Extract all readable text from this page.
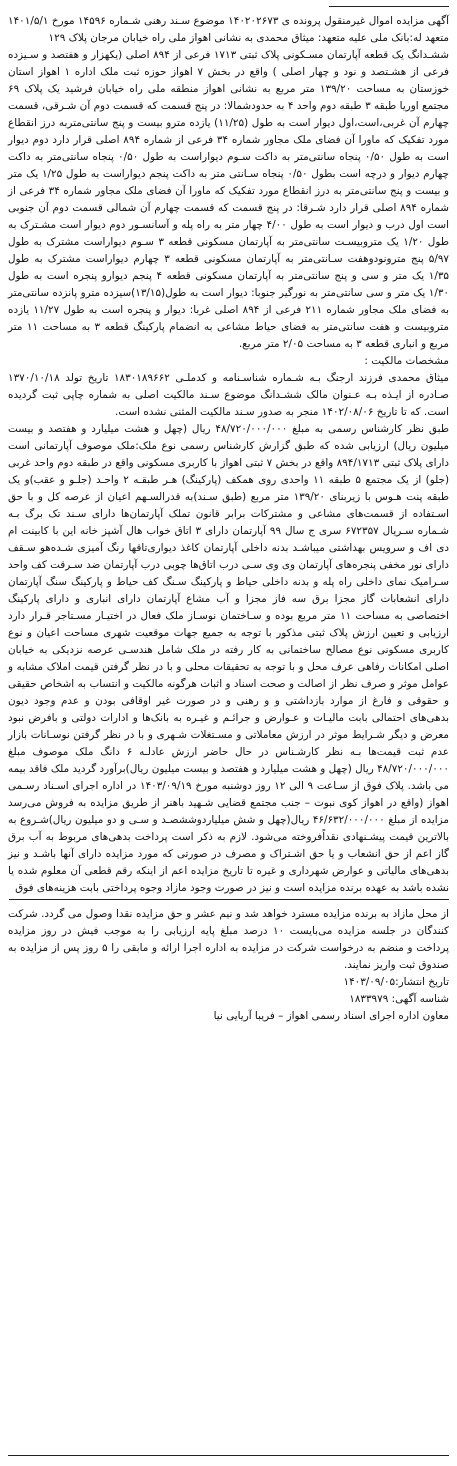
آگهی مزایده اموال غیرمنقول پرونده ی ۱۴۰۲۰۲۶۷۳ موضوع سـند رهنی شـماره ۱۴۵۹۶ مورخ ۱۴۰۱/۵/۱ متعهد له:بانک ملی علیه متعهد: میثاق محمدی به نشانی اهواز ملی راه خیابان مرجان پلاک ۱۲۹

ششـدانگ یک قطعه آپارتمان مسـکونی پلاک ثبتی ۱۷۱۳ فرعی از ۸۹۴ اصلی (یکهزار و هفتصد و سـیزده فرعی از هشـتصد و نود و چهار اصلی ) واقع در بخش ۷ اهواز حوزه ثبت ملک اداره ۱ اهواز استان خوزستان به مساحت ۱۳۹/۲۰ متر مربع به نشانی اهواز منطقه ملی راه خیابان فرشید یک پلاک ۶۹ مجتمع اوریا طبقه ۳ طبقه دوم واحد ۴ به حدودشمالا: در پنج قسمت که قسمت دوم آن شـرقی، قسمت چهارم آن غربی،است،اول دیوار است به طول (۱۱/۲۵) یازده مترو بیست و پنج سانتی‌متربه درز انقطاع مورد تفکیک که ماورا آن فضای ملک مجاور شماره ۳۴ فرعی از شماره ۸۹۴ اصلی قرار دارد دوم دیوار است به طول ۰/۵۰ پنجاه سانتی‌متر به داکت سـوم دیواراست به طول ۰/۵۰ پنجاه سانتی‌متر به داکت چهارم دیوار و درچه است بطول ۰/۵۰ پنجاه سـانتی متر به داکت پنجم دیواراست به طول ۱/۲۵ یک متر و بیست و پنج سانتی‌متر به درز انقطاع مورد تفکیک که ماورا آن فضای ملک مجاور شماره ۳۴ فرعی از شماره ۸۹۴ اصلی قرار دارد شـرقا: در پنج قسمت که قسمت چهارم آن شمالی قسمت دوم آن جنوبی است اول درب و دیوار است به طول ۴/۰۰ چهار متر به راه پله و آسانسـور دوم دیوار است مشـترک به طول ۱/۲۰ یک متروبیسـت سانتی‌متر به آپارتمان مسکونی قطعه ۳ سـوم دیواراست مشترک به طول ۵/۹۷ پنج مترونودوهفت سـانتی‌متر به آپارتمان مسکونی قطعه ۳ چهارم دیواراست مشترک به طول ۱/۳۵ یک متر و سی و پنج سانتی‌متر به آپارتمان مسکونی قطعه ۴ پنجم دیوارو پنجره است به طول ۱/۳۰ یک متر و سی سانتی‌متر به نورگیر جنوبا: دیوار است به طول(۱۳/۱۵)سیزده مترو پانزده سانتی‌متر به فضای ملک مجاور شماره ۲۱۱ فرعی از ۸۹۴ اصلی غربا: دیوار و پنجره است به طول ۱۱/۲۷ یازده متروبیست و هفت سانتی‌متر به فضای حیاط مشاعی به انضمام پارکینگ قطعه ۳ به مساحت ۱۱ متر مربع و انباری قطعه ۳ به مساحت ۲/۰۵ متر مربع.

مشخصات مالکیت :

میثاق محمدی فرزند ارجنگ بـه شـماره شناسـنامه و کدملـی ۱۸۳۰۱۸۹۶۶۲ تاریخ تولد ۱۳۷۰/۱۰/۱۸ صـادره از ایـذه بـه عـنوان مالک ششـدانگ موضوع سـند مالکیت اصلی به شماره چاپی ثبت گردیده است. که تا تاریخ ۱۴۰۲/۰۸/۰۶ منجر به صدور سـند مالکیت المثنی نشده است.

طبق نظر کارشناس رسمی به مبلغ ۴۸/۷۲۰/۰۰۰/۰۰۰ ریال (چهل و هشت میلیارد و هفتصد و بیست میلیون ریال) ارزیابی شده که طبق گزارش کارشناس رسمی نوع ملک:ملک موصوف آپارتمانی است دارای پلاک ثبتی ۸۹۴/۱۷۱۳ واقع در بخش ۷ ثبتی اهواز با کاربری مسکونی واقع در طبقه دوم واحد غربی (جلو) از یک مجتمع ۵ طبقه ۱۱ واحدی روی همکف (پارکینگ) هـر طبقـه ۲ واحـد (جلـو و عقب)و یک طبقه پنت هـوس با زیربنای ۱۳۹/۲۰ متر مربع (طبق سـند)به قدرالسـهم اعیان از عرصه کل و با حق اسـتفاده از قسمت‌های مشاعی و مشترکات برابر قانون تملک آپارتمان‌ها دارای سـند تک برگ بـه شـماره سـریال ۶۷۲۳۵۷ سری ج سال ۹۹ آپارتمان دارای ۳ اتاق خواب هال آشپز خانه این با کابینت ام دی اف و سرویس بهداشتی میباشـد بدنه داخلی آپارتمان کاغذ دیواری‌تاقها رنگ آمیزی شـده‌هو سـقف دارای نور مخفی پنجره‌های آپارتمان وی وی سـی درب اتاق‌ها چوبی درب آپارتمان ضد سـرقت کف واحد سـرامیک نمای داخلی راه پله و بدنه داخلی حیاط و پارکینگ سـنگ کف حیاط و پارکینگ سنگ آپارتمان دارای انشعابات گاز مجزا برق سه فاز مجزا و آب مشاع آپارتمان دارای انباری و دارای پارکینگ اختصاصی به مساحت ۱۱ متر مربع بوده و سـاختمان نوسـاز ملک فعال در اختیـار مسـتاجر قـرار دارد ارزیابی و تعیین ارزش پلاک ثبتی مذکور با توجه به جمیع جهات موقعیت شهری مساحت اعیان و نوع کاربری مسکونی نوع مصالح ساختمانی به کار رفته در ملک شامل هندسـی عرصه نزدیکی به خیابان اصلی امکانات رفاهی عرف محل و با توجه به تحقیقات محلی و با در نظر گرفتن قیمت املاک مشابه و عوامل موثر و صرف نظر از اصالت و صحت اسناد و اثبات هرگونه مالکیت و انتساب به اشخاص حقیقی و حقوقی و فارغ از موارد بازداشتی و و رهنی و در صورت غیر اوقافی بودن و عدم وجود دیون بدهی‌های احتمالی بابت مالیـات و عـوارض و جرائـم و غیـره به بانک‌ها و ادارات دولتی و بافرض نبود معرض و دیگر شـرایط موثر در ارزش معاملاتی و مسـتغلات شـهری و با در نظر گرفتن نوسـانات بازار عدم ثبت قیمت‌ها بـه نظر کارشـناس در حال حاضر ارزش عادلـه ۶ دانگ ملک موصوف مبلغ ۴۸/۷۲۰/۰۰۰/۰۰۰ ریال (چهل و هشت میلیارد و هفتصد و بیست میلیون ریال)برآورد گردید ملک فاقد بیمه می باشد. پلاک فوق از سـاعت ۹ الی ۱۲ روز دوشنبه مورخ ۱۴۰۳/۰۹/۱۹ در اداره اجرای اسـناد رسـمی اهواز (واقع در اهواز کوی نبوت – جنب مجتمع قضایی شـهید باهنر از طریق مزایده به فروش می‌رسد مزایده از مبلغ ۴۶/۶۳۲/۰۰۰/۰۰۰ ریال(چهل و شش میلیاردوششصـد و سـی و دو میلیون ریال)شـروع به بالاترین قیمت پیشـنهادی نقداًفروخته می‌شود. لازم به ذکر است پرداخت بدهی‌های مربوط به آب برق گاز اعم از حق انشعاب و یا حق اشـتراک و مصرف در صورتی که مورد مزایده دارای آنها باشـد و نیز بدهی‌های مالیاتی و عوارض شهرداری و غیره تا تاریخ مزایده اعم از اینکه رقم قطعی آن معلوم شده یا نشده باشد به عهده برنده مزایده است و نیز در صورت وجود مازاد وجوه پرداختی بابت هزینه‌های فوق

از محل مازاد به برنده مزایده مسترد خواهد شد و نیم عشر و حق مزایده نقدا وصول می گردد. شرکت کنندگان در جلسه مزایده می‌بایست ۱۰ درصد مبلغ پایه ارزیابی را به موجب فیش در روز مزایده پرداخت و منضم به درخواست شرکت در مزایده به اداره اجرا ارائه و مابقی را ۵ روز پس از مزایده به صندوق ثبت واریز نمایند.

تاریخ انتشار:۱۴۰۳/۰۹/۰۵

شناسه آگهی: ۱۸۳۳۹۷۹

معاون اداره اجرای اسناد رسمی اهواز – فریبا آریایی نیا
